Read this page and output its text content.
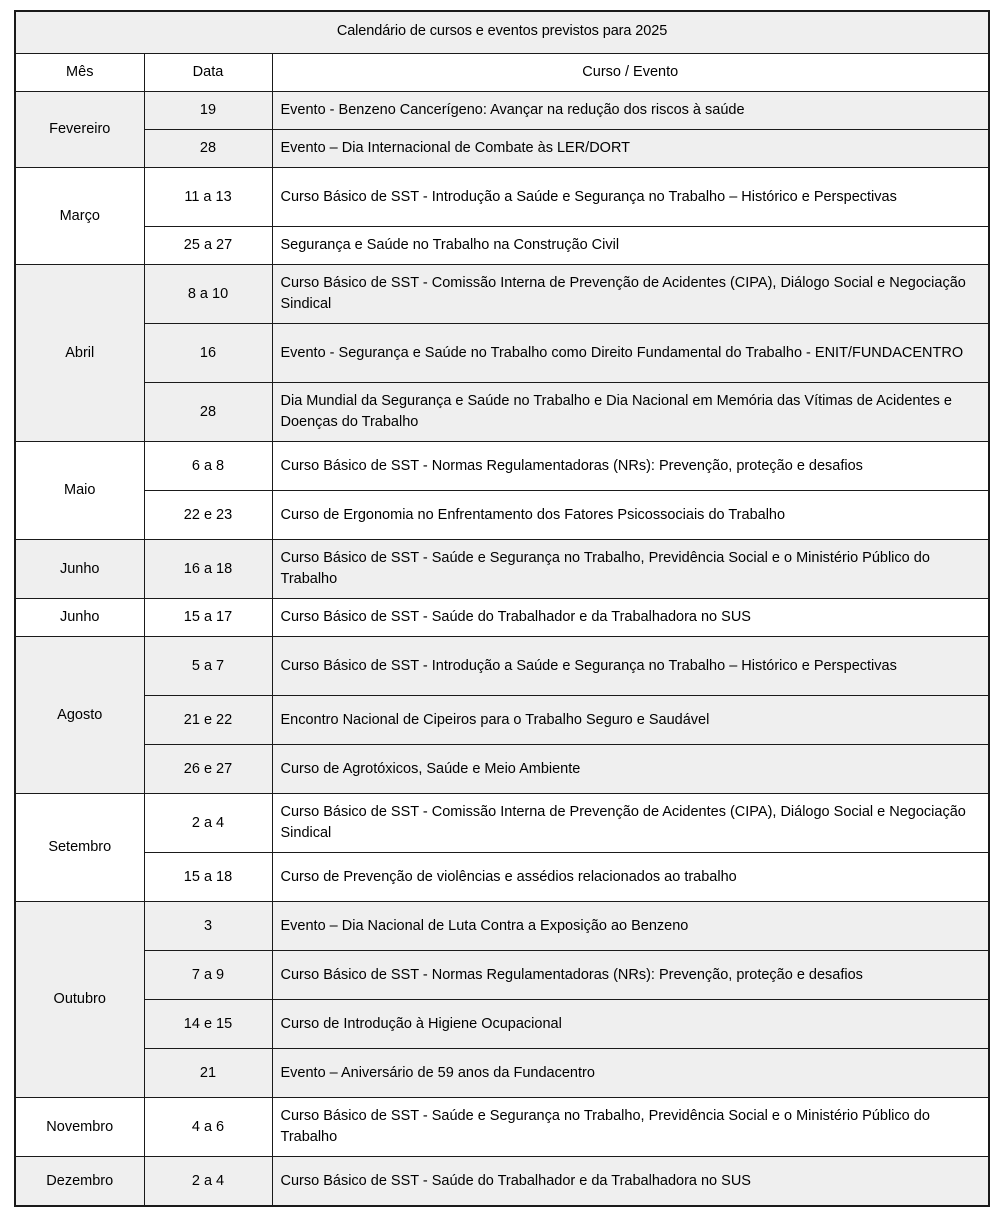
Calendário de cursos e eventos previstos para 2025		
Mês	Data	Curso / Evento
Fevereiro	19	Evento - Benzeno Cancerígeno: Avançar na redução dos riscos à saúde
	28	Evento – Dia Internacional de Combate às LER/DORT
Março	11 a 13	Curso Básico de SST - Introdução a Saúde e Segurança no Trabalho – Histórico e Perspectivas
	25 a 27	Segurança e Saúde no Trabalho na Construção Civil
Abril	8 a 10	Curso Básico de SST - Comissão Interna de Prevenção de Acidentes (CIPA), Diálogo Social e Negociação Sindical
	16	Evento - Segurança e Saúde no Trabalho como Direito Fundamental do Trabalho - ENIT/FUNDACENTRO
	28	Dia Mundial da Segurança e Saúde no Trabalho e Dia Nacional em Memória das Vítimas de Acidentes e Doenças do Trabalho
Maio	6 a 8	Curso Básico de SST - Normas Regulamentadoras (NRs): Prevenção, proteção e desafios
	22 e 23	Curso de Ergonomia no Enfrentamento dos Fatores Psicossociais do Trabalho
Junho	16 a 18	Curso Básico de SST - Saúde e Segurança no Trabalho, Previdência Social e o Ministério Público do Trabalho
Junho	15 a 17	Curso Básico de SST - Saúde do Trabalhador e da Trabalhadora no SUS
Agosto	5 a 7	Curso Básico de SST - Introdução a Saúde e Segurança no Trabalho – Histórico e Perspectivas
	21 e 22	Encontro Nacional de Cipeiros para o Trabalho Seguro e Saudável
	26 e 27	Curso de Agrotóxicos, Saúde e Meio Ambiente
Setembro	2 a 4	Curso Básico de SST - Comissão Interna de Prevenção de Acidentes (CIPA), Diálogo Social e Negociação Sindical
	15 a 18	Curso de Prevenção de violências e assédios relacionados ao trabalho
Outubro	3	Evento – Dia Nacional de Luta Contra a Exposição ao Benzeno
	7 a 9	Curso Básico de SST - Normas Regulamentadoras (NRs): Prevenção, proteção e desafios
	14 e 15	Curso de Introdução à Higiene Ocupacional
	21	Evento – Aniversário de 59 anos da Fundacentro
Novembro	4 a 6	Curso Básico de SST - Saúde e Segurança no Trabalho, Previdência Social e o Ministério Público do Trabalho
Dezembro	2 a 4	Curso Básico de SST - Saúde do Trabalhador e da Trabalhadora no SUS
